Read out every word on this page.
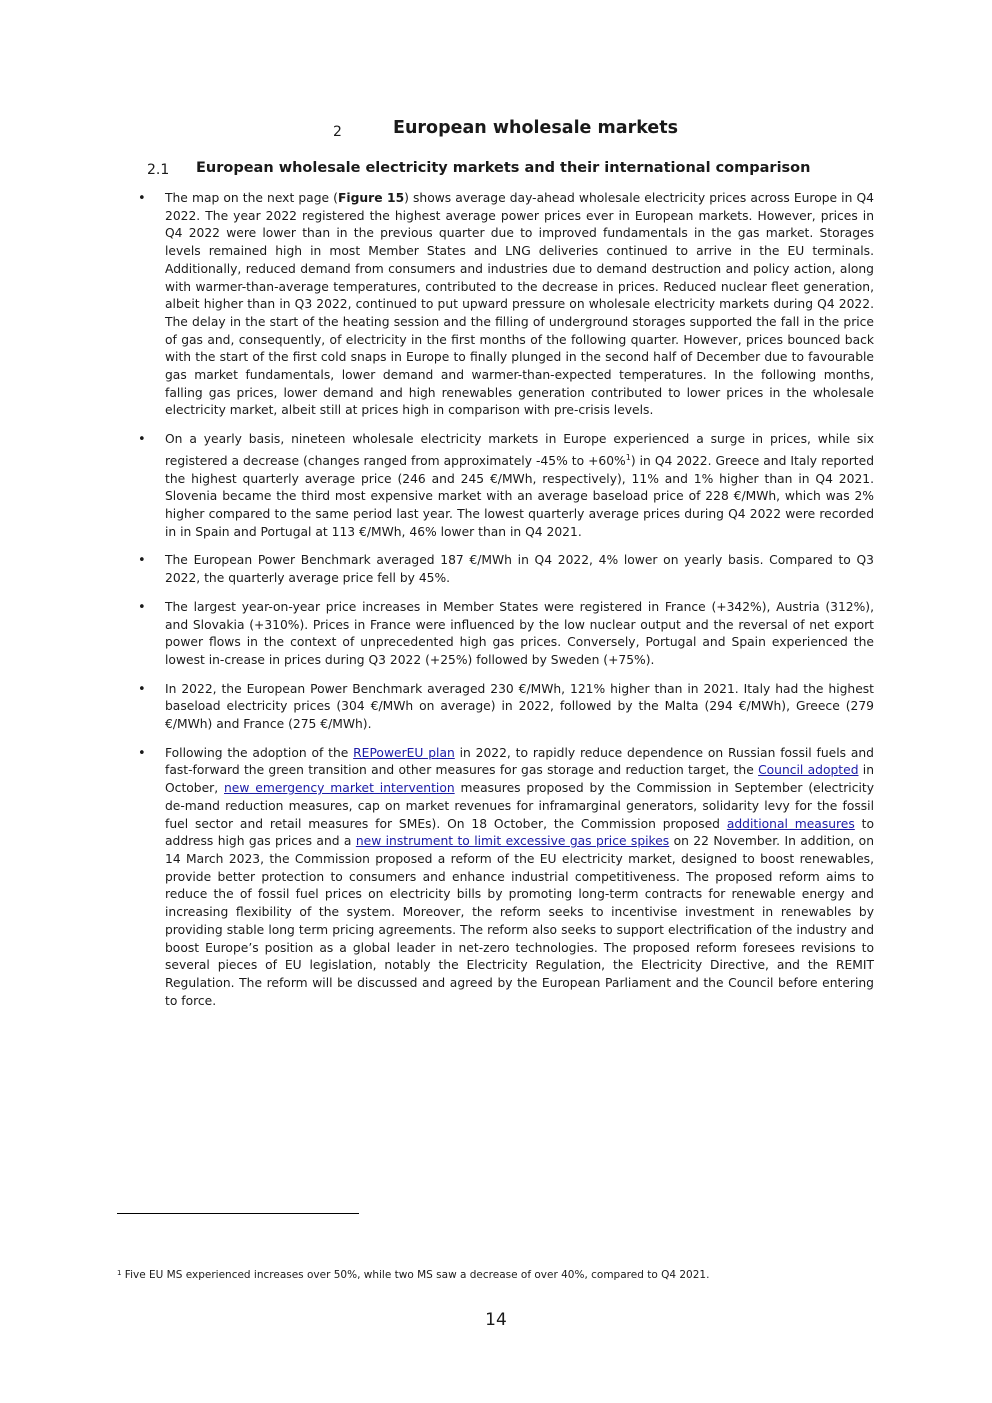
2	European wholesale markets
2.1 European wholesale electricity markets and their international comparison
• The map on the next page (Figure 15) shows average day-ahead wholesale electricity prices across Europe in Q4 2022. The year 2022 registered the highest average power prices ever in European markets. However, prices in Q4 2022 were lower than in the previous quarter due to improved fundamentals in the gas market. Storages levels remained high in most Member States and LNG deliveries continued to arrive in the EU terminals. Additionally, reduced demand from consumers and industries due to demand destruction and policy action, along with warmer-than-average temperatures, contributed to the decrease in prices. Reduced nuclear fleet generation, albeit higher than in Q3 2022, continued to put upward pressure on wholesale electricity markets during Q4 2022. The delay in the start of the heating session and the filling of underground storages supported the fall in the price of gas and, consequently, of electricity in the first months of the following quarter. However, prices bounced back with the start of the first cold snaps in Europe to finally plunged in the second half of December due to favourable gas market fundamentals, lower demand and warmer-than-expected temperatures. In the following months, falling gas prices, lower demand and high renewables generation contributed to lower prices in the wholesale electricity market, albeit still at prices high in comparison with pre-crisis levels.
• On a yearly basis, nineteen wholesale electricity markets in Europe experienced a surge in prices, while six registered a decrease (changes ranged from approximately -45% to +60%$^1$) in Q4 2022. Greece and Italy reported the highest quarterly average price (246 and 245 €/MWh, respectively), 11% and 1% higher than in Q4 2021. Slovenia became the third most expensive market with an average baseload price of 228 €/MWh, which was 2% higher compared to the same period last year. The lowest quarterly average prices during Q4 2022 were recorded in in Spain and Portugal at 113 €/MWh, 46% lower than in Q4 2021.
• The European Power Benchmark averaged 187 €/MWh in Q4 2022, 4% lower on yearly basis. Compared to Q3 2022, the quarterly average price fell by 45%.
• The largest year-on-year price increases in Member States were registered in France (+342%), Austria (312%), and Slovakia (+310%). Prices in France were influenced by the low nuclear output and the reversal of net export power flows in the context of unprecedented high gas prices. Conversely, Portugal and Spain experienced the lowest in-crease in prices during Q3 2022 (+25%) followed by Sweden (+75%).
• In 2022, the European Power Benchmark averaged 230 €/MWh, 121% higher than in 2021. Italy had the highest baseload electricity prices (304 €/MWh on average) in 2022, followed by the Malta (294 €/MWh), Greece (279 €/MWh) and France (275 €/MWh).
• Following the adoption of the REPowerEU plan in 2022, to rapidly reduce dependence on Russian fossil fuels and fast-forward the green transition and other measures for gas storage and reduction target, the Council adopted in October, new emergency market intervention measures proposed by the Commission in September (electricity de-mand reduction measures, cap on market revenues for inframarginal generators, solidarity levy for the fossil fuel sector and retail measures for SMEs). On 18 October, the Commission proposed additional measures to address high gas prices and a new instrument to limit excessive gas price spikes on 22 November. In addition, on 14 March 2023, the Commission proposed a reform of the EU electricity market, designed to boost renewables, provide better protection to consumers and enhance industrial competitiveness. The proposed reform aims to reduce the of fossil fuel prices on electricity bills by promoting long-term contracts for renewable energy and increasing flexibility of the system. Moreover, the reform seeks to incentivise investment in renewables by providing stable long term pricing agreements. The reform also seeks to support electrification of the industry and boost Europe’s position as a global leader in net-zero technologies. The proposed reform foresees revisions to several pieces of EU legislation, notably the Electricity Regulation, the Electricity Directive, and the REMIT Regulation. The reform will be discussed and agreed by the European Parliament and the Council before entering to force.
$^1$ Five EU MS experienced increases over 50%, while two MS saw a decrease of over 40%, compared to Q4 2021.
14
